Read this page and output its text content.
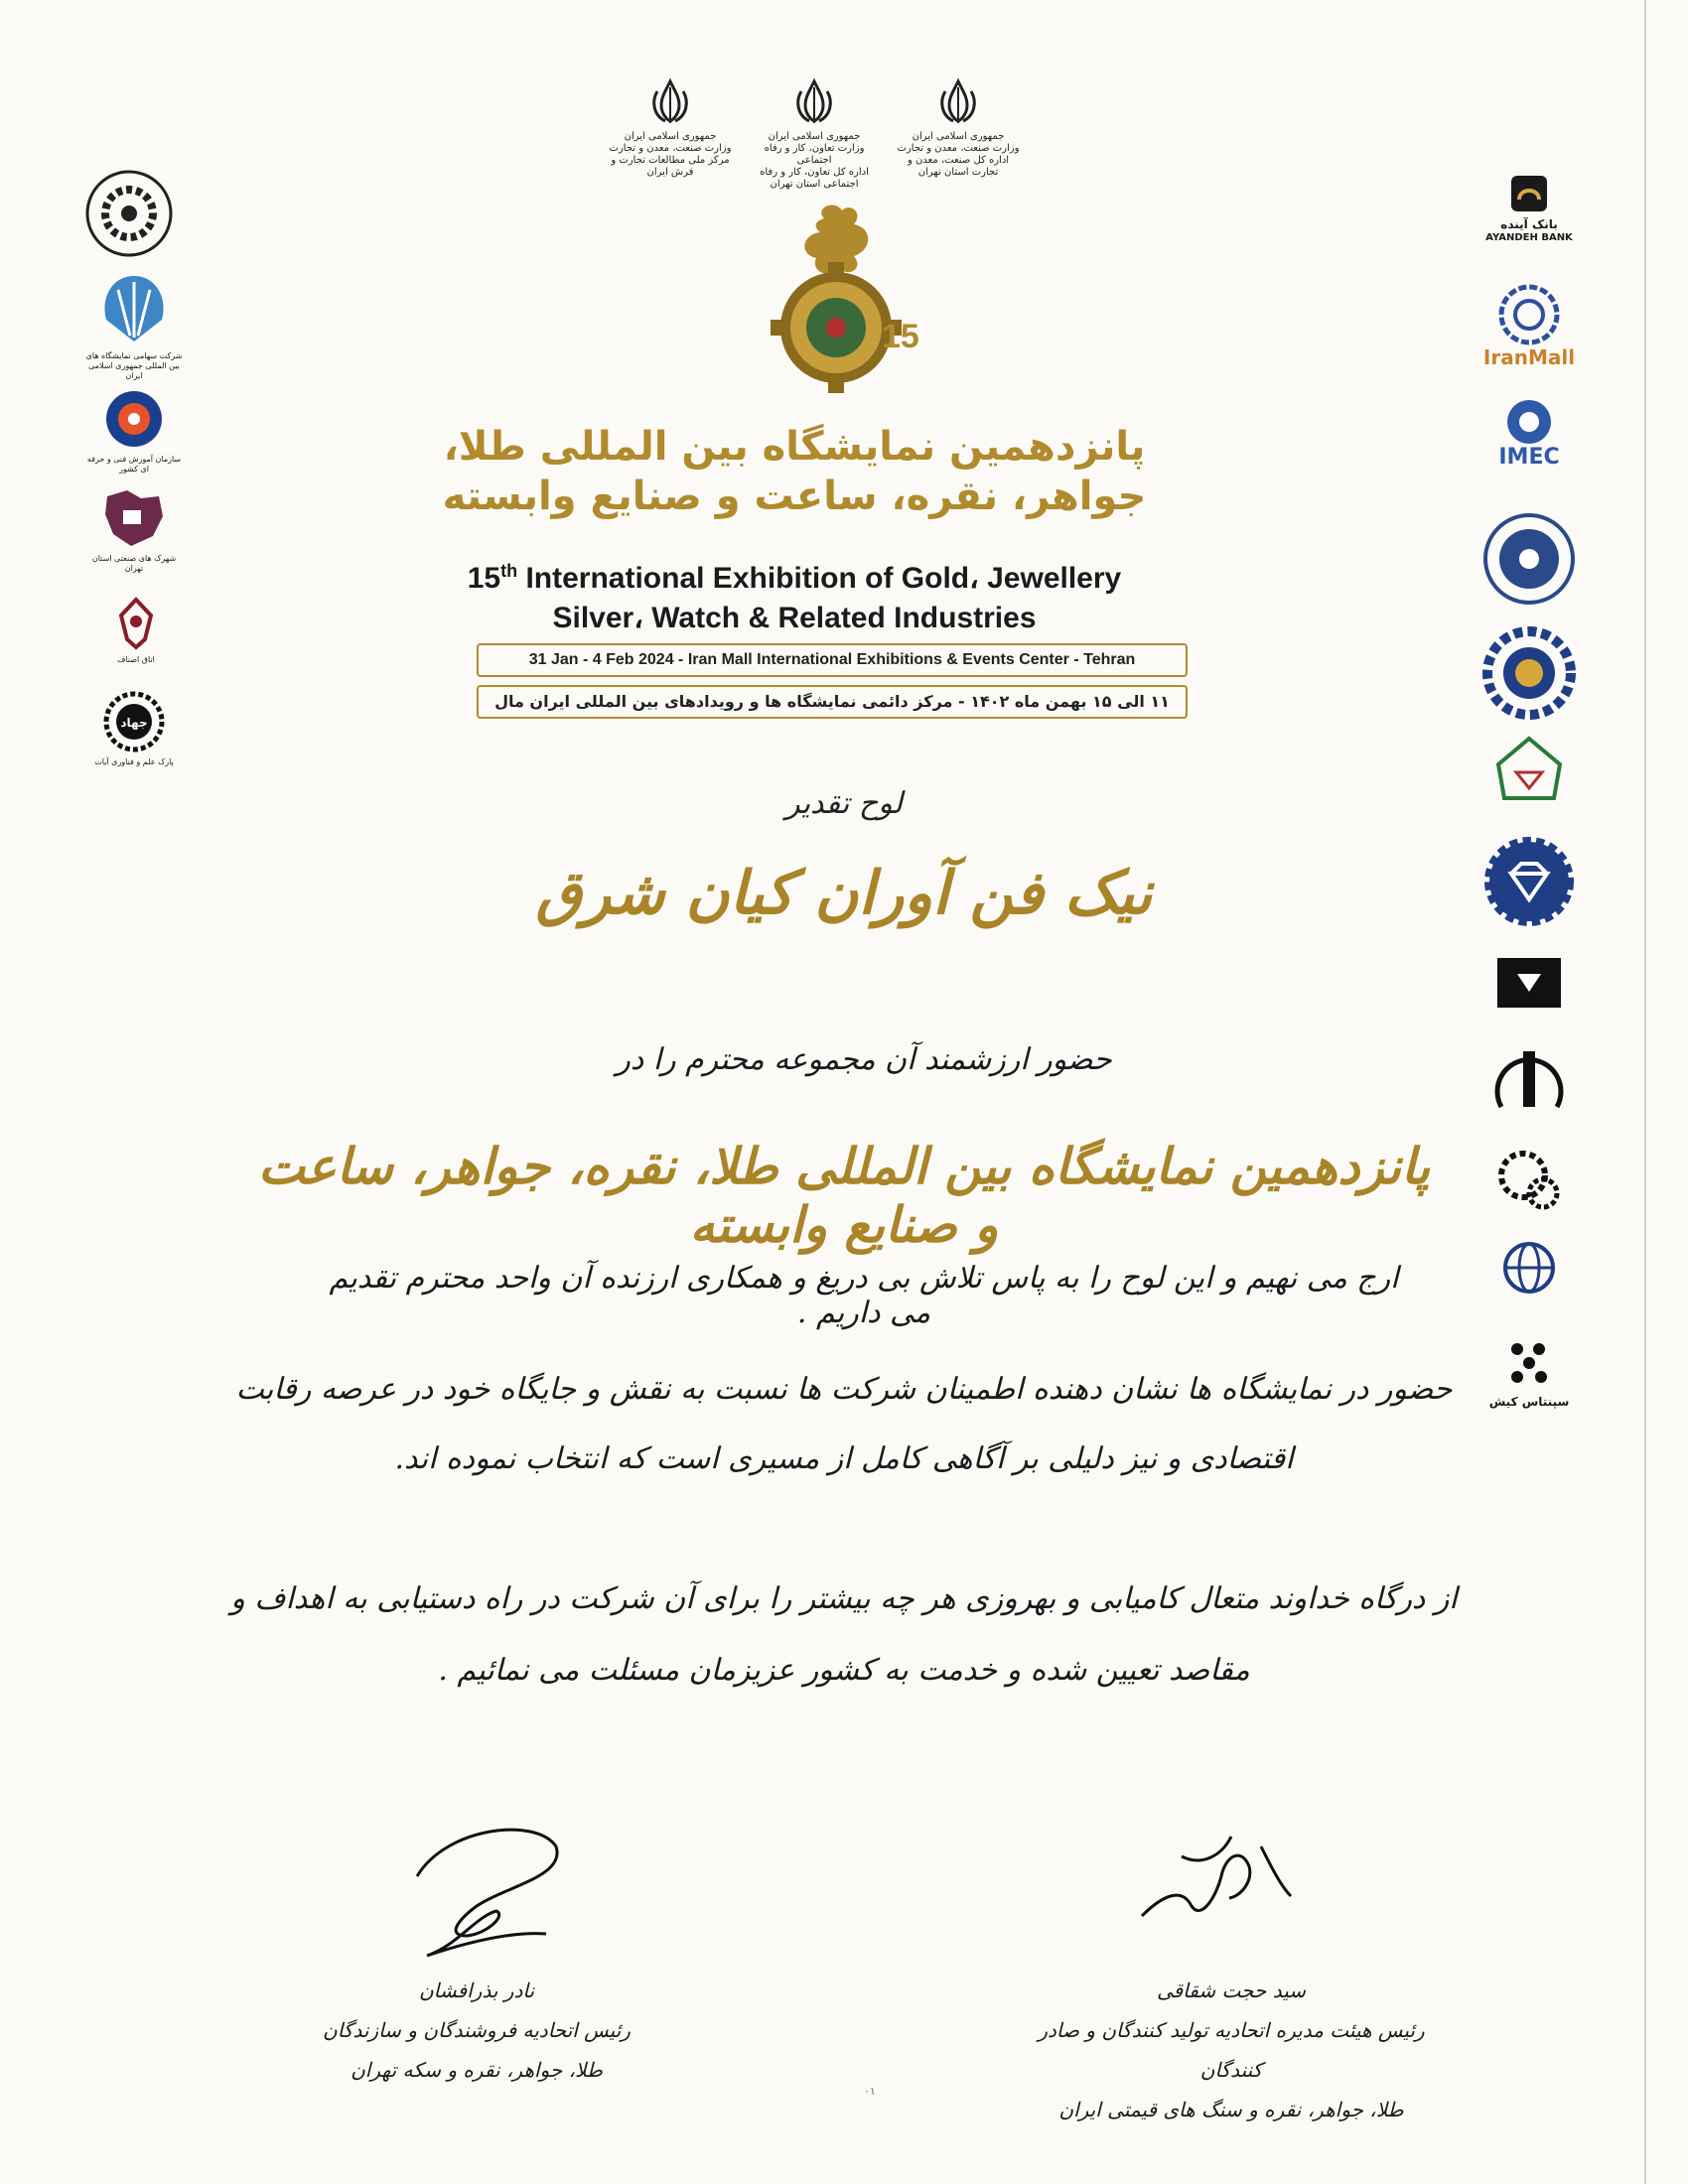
جمهوری اسلامی ایران
وزارت صنعت، معدن و تجارت
مرکز ملی مطالعات تجارت و فرش ایران
جمهوری اسلامی ایران
وزارت تعاون، کار و رفاه اجتماعی
اداره کل تعاون، کار و رفاه اجتماعی استان تهران
جمهوری اسلامی ایران
وزارت صنعت، معدن و تجارت
اداره کل صنعت، معدن و تجارت استان تهران
15
پانزدهمین نمایشگاه بین المللی طلا،
جواهر، نقره، ساعت و صنایع وابسته
15th International Exhibition of Gold، Jewellery
Silver، Watch & Related Industries
31 Jan - 4 Feb 2024 - Iran Mall International Exhibitions & Events Center - Tehran
۱۱ الی ۱۵ بهمن ماه ۱۴۰۲ - مرکز دائمی نمایشگاه ها و رویدادهای بین المللی ایران مال
لوح تقدیر
نیک فن آوران کیان شرق
حضور ارزشمند آن مجموعه محترم را در
پانزدهمین نمایشگاه بین المللی طلا، نقره، جواهر، ساعت و صنایع وابسته
ارج می نهیم و این لوح را به پاس تلاش بی دریغ و همکاری ارزنده آن واحد محترم تقدیم می داریم .
حضور در نمایشگاه ها نشان دهنده اطمینان شرکت ها نسبت به نقش و جایگاه خود در عرصه رقابت اقتصادی و نیز دلیلی بر آگاهی کامل از مسیری است که انتخاب نموده اند.
از درگاه خداوند متعال کامیابی و بهروزی هر چه بیشتر را برای آن شرکت در راه دستیابی به اهداف و مقاصد تعیین شده و خدمت به کشور عزیزمان مسئلت می نمائیم .
نادر بذرافشان
رئیس اتحادیه فروشندگان و سازندگان
طلا، جواهر، نقره و سکه تهران
سید حجت شقاقی
رئیس هیئت مدیره اتحادیه تولید کنندگان و صادر کنندگان
طلا، جواهر، نقره و سنگ های قیمتی ایران
شرکت سهامی نمایشگاه های بین المللی جمهوری اسلامی ایران
سازمان آموزش فنی و حرفه ای کشور
شهرک های صنعتی استان تهران
اتاق اصناف
جهاد
پارک علم و فناوری آیات
بانک آینده
AYANDEH BANK
IranMall
IMEC
سپنتاس کیش
۰۱
